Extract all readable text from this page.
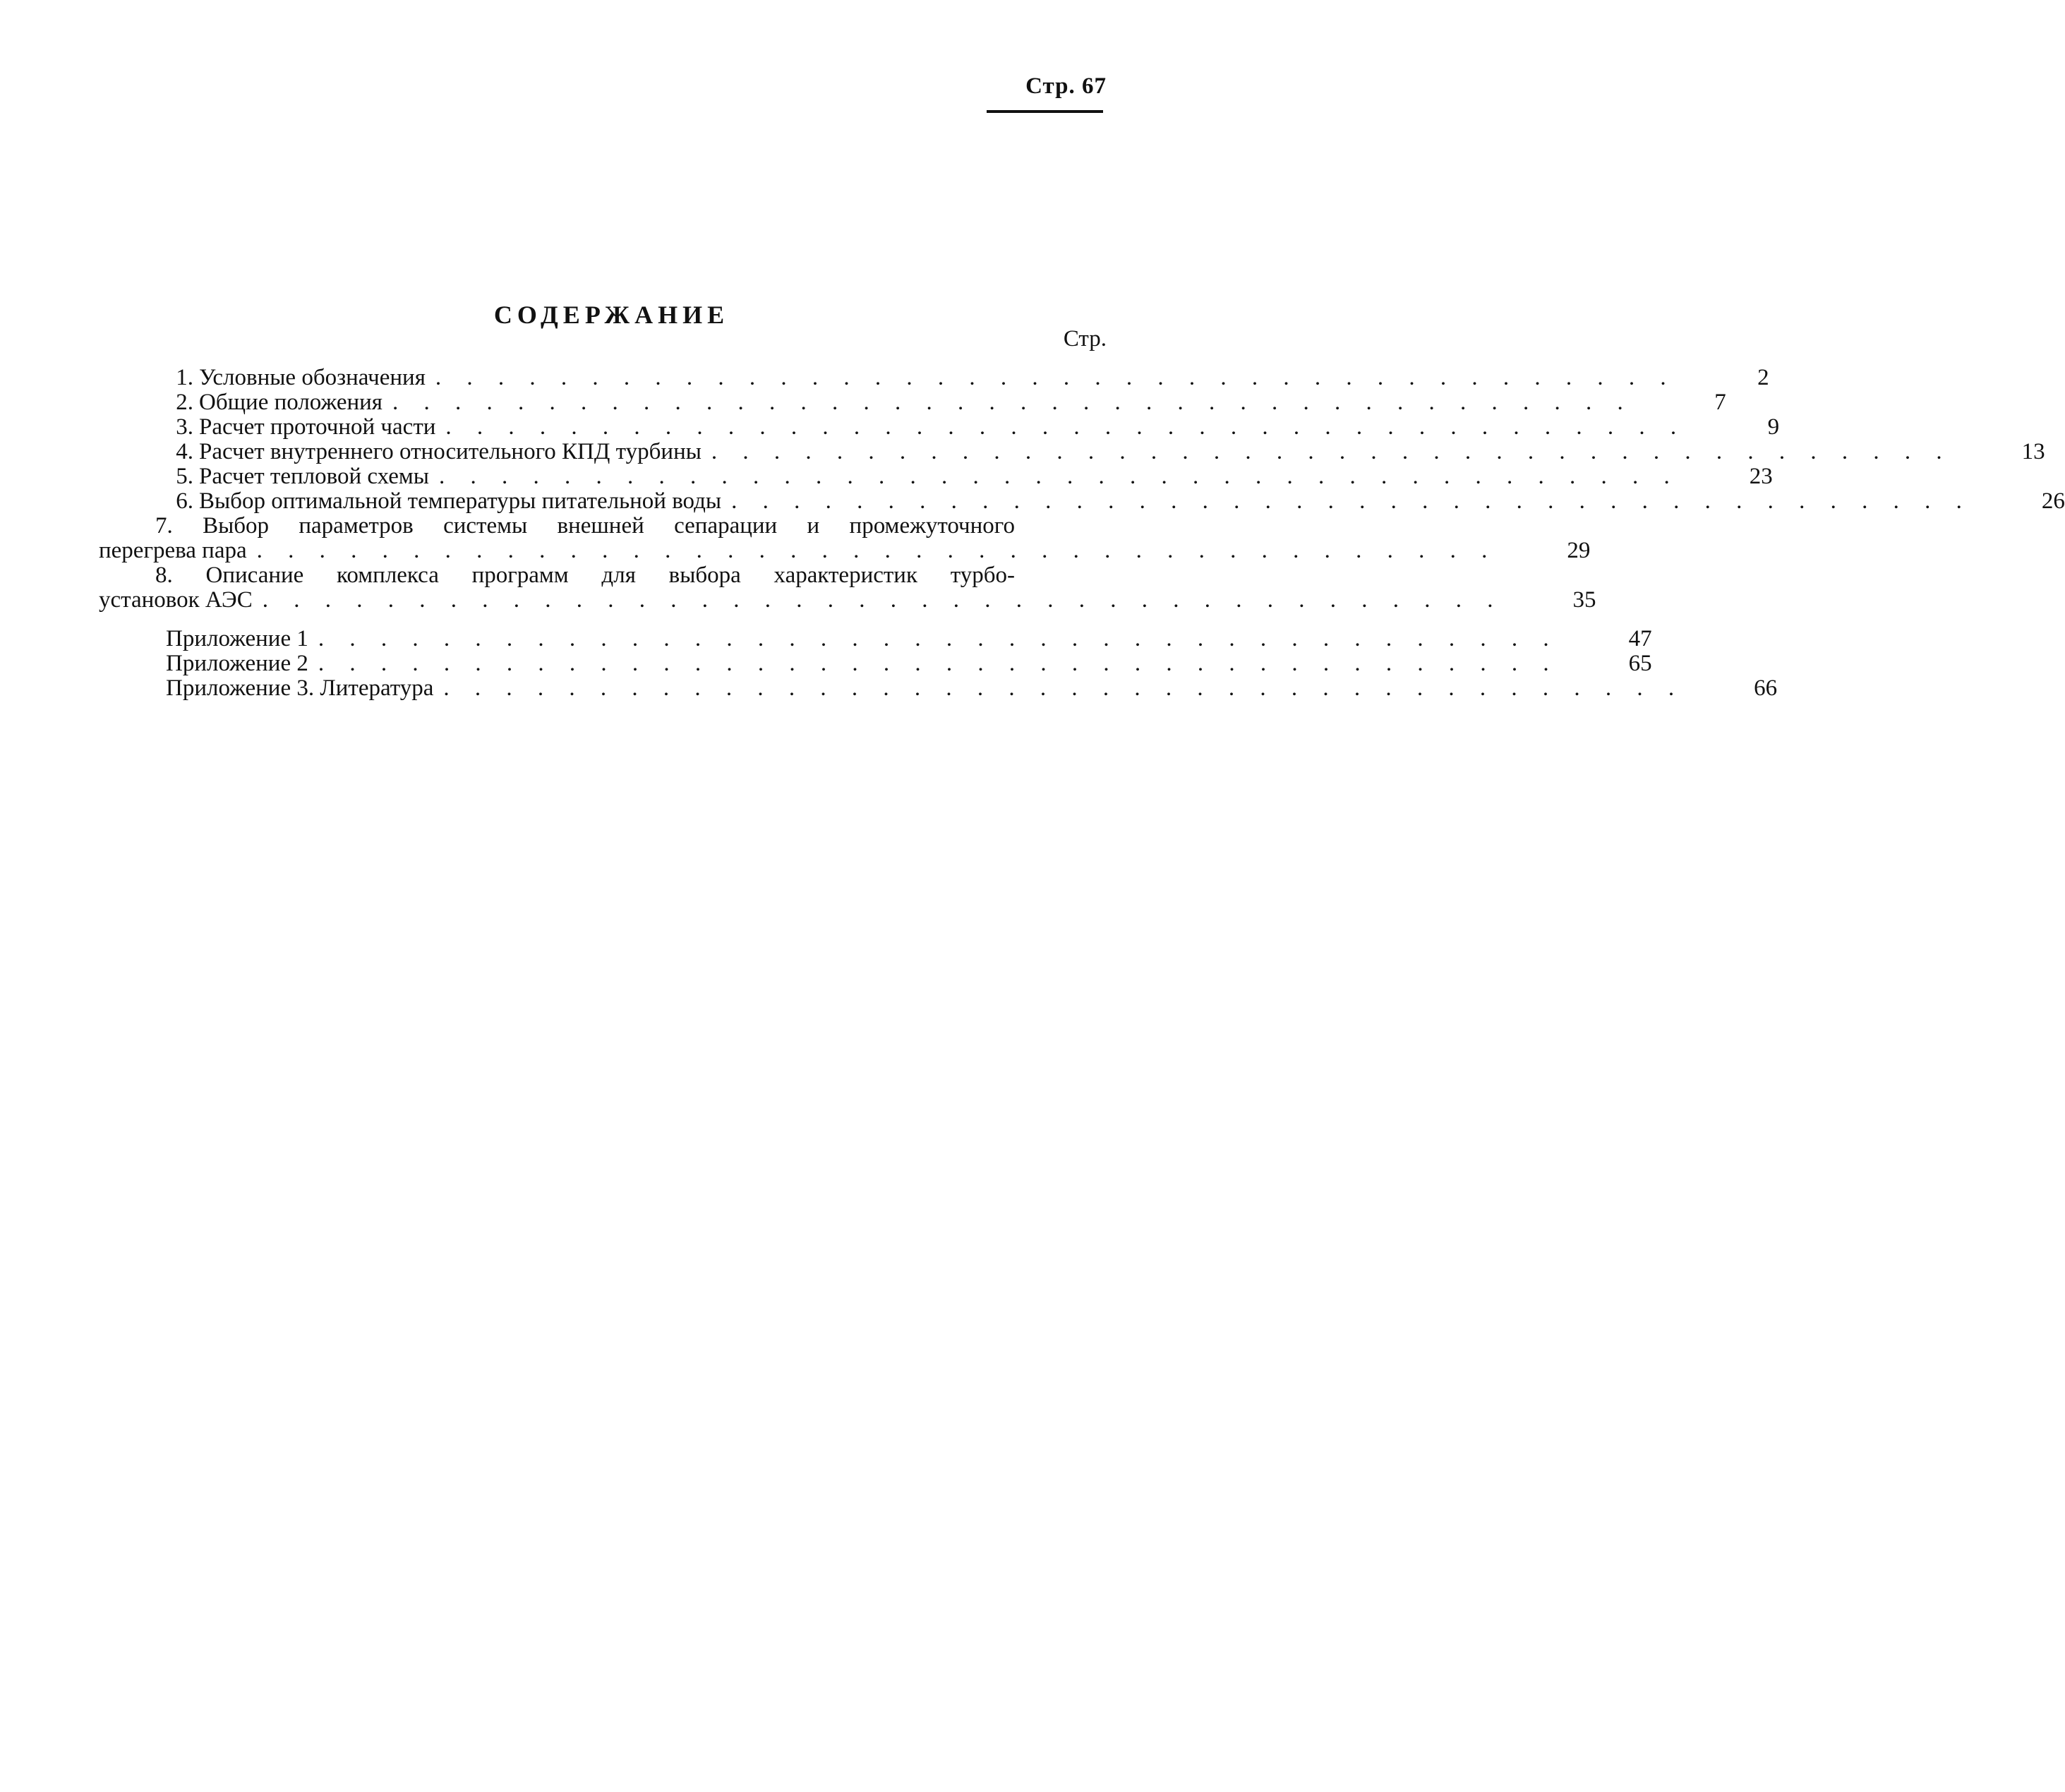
Стр. 67
СОДЕРЖАНИЕ
Стр.
1. Условные обозначения . . . . . . . . . . . . . . . . . . . . . . . . . . . . . . . . . . . . . . . .	2
2. Общие положения . . . . . . . . . . . . . . . . . . . . . . . . . . . . . . . . . . . . . . . .	7
3. Расчет проточной части . . . . . . . . . . . . . . . . . . . . . . . . . . . . . . . . . . . . . . . .	9
4. Расчет внутреннего относительного КПД турбины . . . . . . . . . . . . . . . . . . . . . . . . . . . . . . . . . . . . . . . .	13
5. Расчет тепловой схемы . . . . . . . . . . . . . . . . . . . . . . . . . . . . . . . . . . . . . . . .	23
6. Выбор оптимальной температуры питательной воды . . . . . . . . . . . . . . . . . . . . . . . . . . . . . . . . . . . . . . . .	26
7. Выбор параметров системы внешней сепарации и промежуточного
перегрева пара . . . . . . . . . . . . . . . . . . . . . . . . . . . . . . . . . . . . . . . .	29
8. Описание комплекса программ для выбора характеристик турбо-
установок АЭС . . . . . . . . . . . . . . . . . . . . . . . . . . . . . . . . . . . . . . . .	35
Приложение 1 . . . . . . . . . . . . . . . . . . . . . . . . . . . . . . . . . . . . . . . .	47
Приложение 2 . . . . . . . . . . . . . . . . . . . . . . . . . . . . . . . . . . . . . . . .	65
Приложение 3. Литература . . . . . . . . . . . . . . . . . . . . . . . . . . . . . . . . . . . . . . . .	66
